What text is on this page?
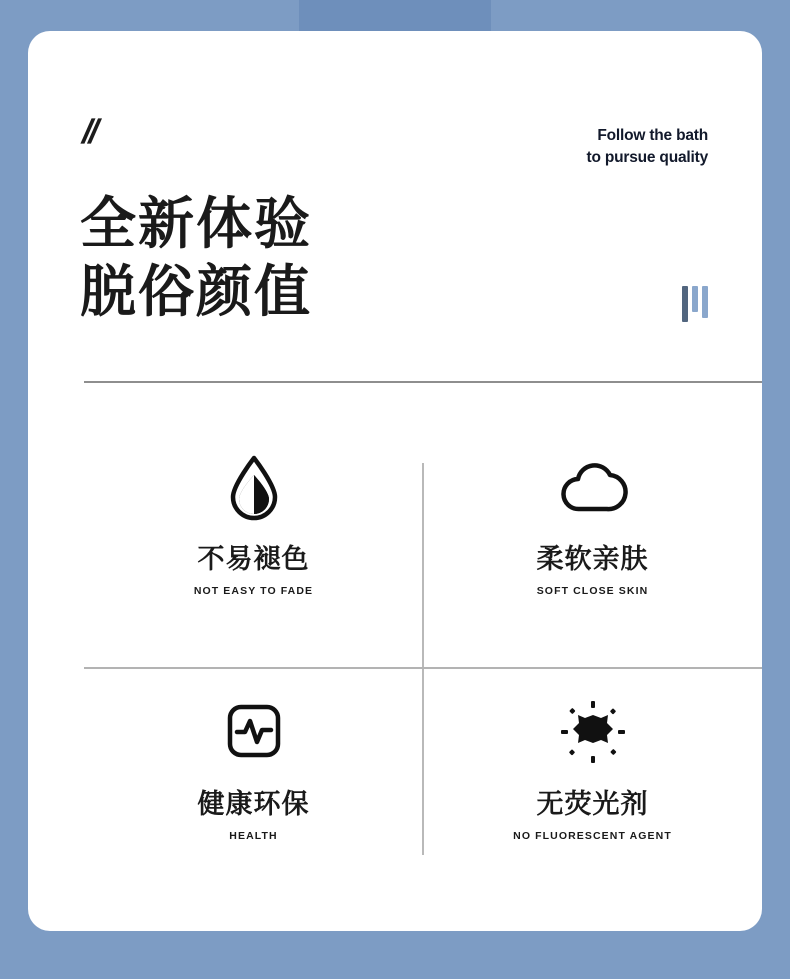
//	Follow the bath
to pursue quality
全新体验
脱俗颜值
不易褪色
NOT EASY TO FADE
柔软亲肤
SOFT CLOSE SKIN
健康环保
HEALTH
无荧光剂
NO FLUORESCENT AGENT
